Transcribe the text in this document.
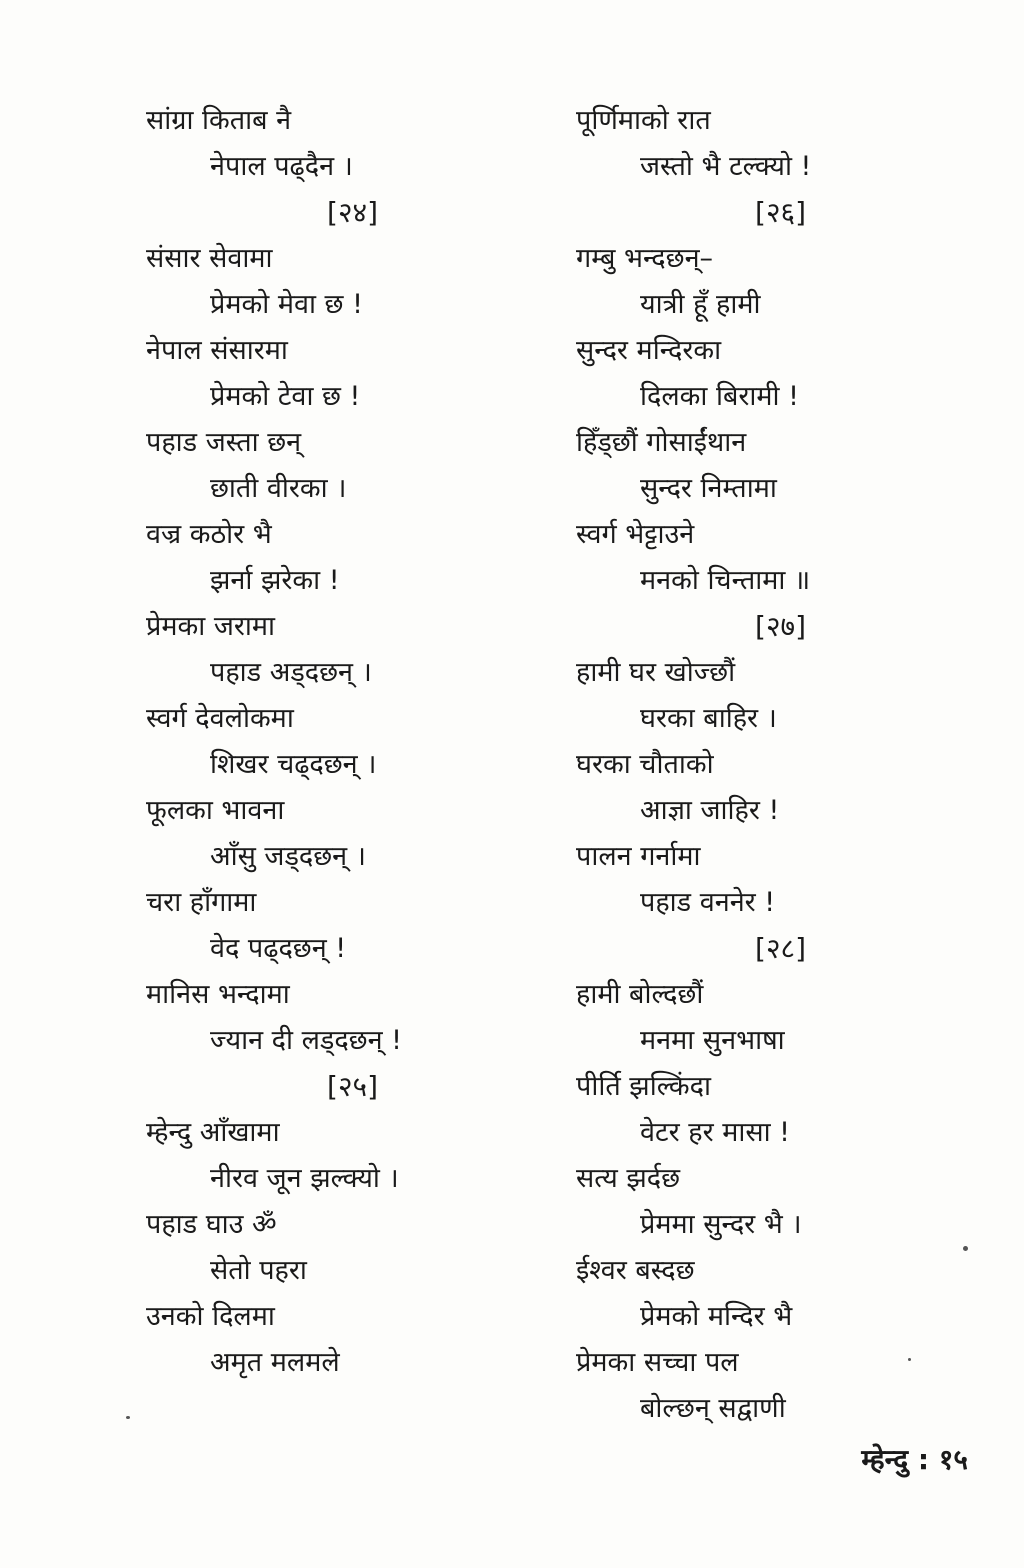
सांग्रा किताब नै
नेपाल पढ्दैन ।
[२४]
संसार सेवामा
प्रेमको मेवा छ !
नेपाल संसारमा
प्रेमको टेवा छ !
पहाड जस्ता छन्
छाती वीरका ।
वज्र कठोर भै
झर्ना झरेका !
प्रेमका जरामा
पहाड अड्दछन् ।
स्वर्ग देवलोकमा
शिखर चढ्दछन् ।
फूलका भावना
आँसु जड्दछन् ।
चरा हाँगामा
वेद पढ्दछन् !
मानिस भन्दामा
ज्यान दी लड्दछन् !
[२५]
म्हेन्दु आँखामा
नीरव जून झल्क्यो ।
पहाड घाउ ॐ
सेतो पहरा
उनको दिलमा
अमृत मलमले
पूर्णिमाको रात
जस्तो भै टल्क्यो !
[२६]
गम्बु भन्दछन्–
यात्री हूँ हामी
सुन्दर मन्दिरका
दिलका बिरामी !
हिँड्छौं गोसाईंथान
सुन्दर निम्तामा
स्वर्ग भेट्टाउने
मनको चिन्तामा ॥
[२७]
हामी घर खोज्छौं
घरका बाहिर ।
घरका चौताको
आज्ञा जाहिर !
पालन गर्नामा
पहाड वननेर !
[२८]
हामी बोल्दछौं
मनमा सुनभाषा
पीर्ति झल्किंदा
वेटर हर मासा !
सत्य झर्दछ
प्रेममा सुन्दर भै ।
ईश्वर बस्दछ
प्रेमको मन्दिर भै
प्रेमका सच्चा पल
बोल्छन् सद्वाणी
म्हेन्दु : १५
